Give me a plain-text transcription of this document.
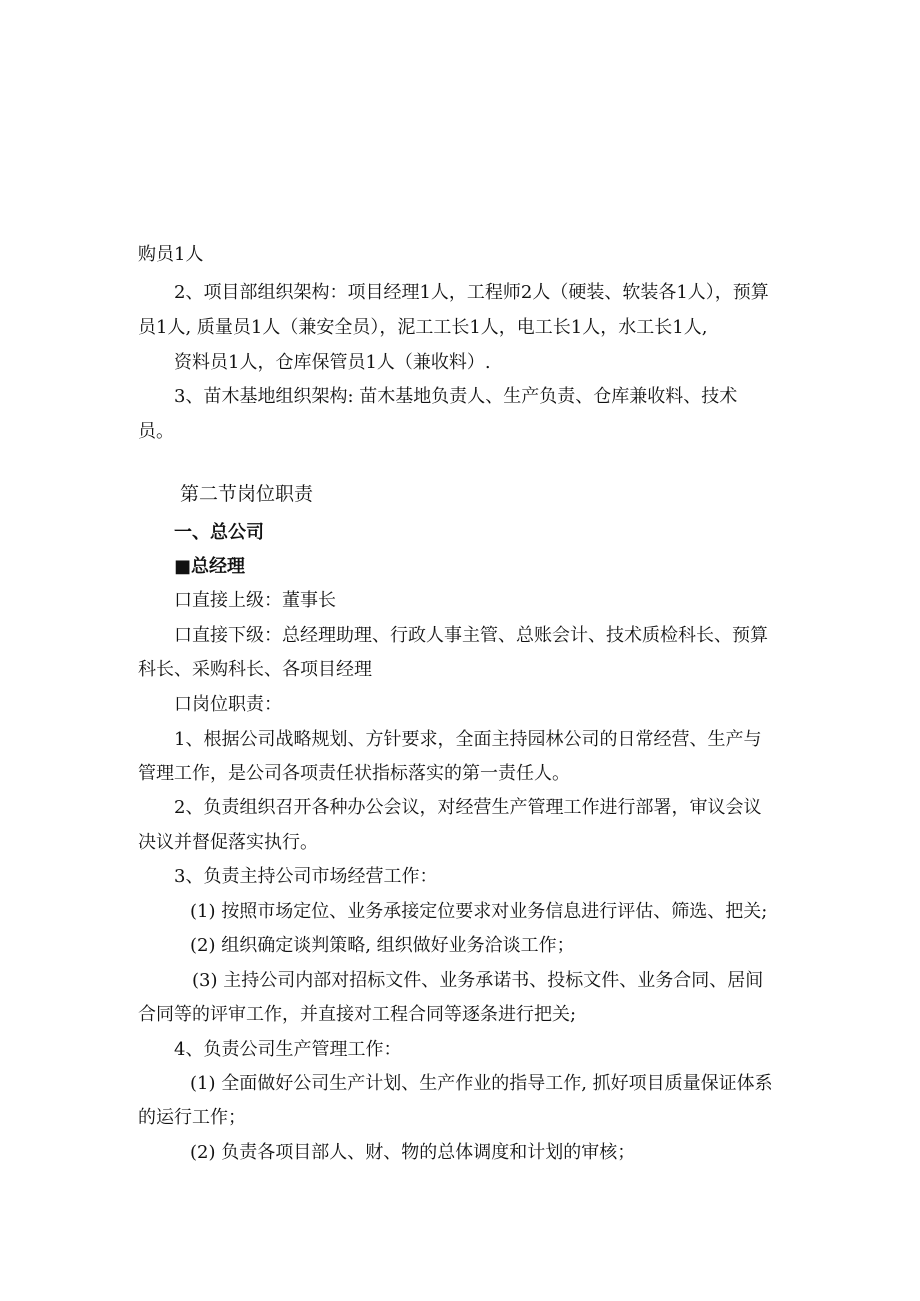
购员1人
2、项目部组织架构：项目经理1人，工程师2人（硬装、软装各1人），预算
员1人, 质量员1人（兼安全员），泥工工长1人，电工长1人，水工长1人,
资料员1人，仓库保管员1人（兼收料）.
3、苗木基地组织架构: 苗木基地负责人、生产负责、仓库兼收料、技术
员。
第二节岗位职责
一、总公司
■总经理
口直接上级：董事长
口直接下级：总经理助理、行政人事主管、总账会计、技术质检科长、预算
科长、采购科长、各项目经理
口岗位职责：
1、根据公司战略规划、方针要求，全面主持园林公司的日常经营、生产与
管理工作，是公司各项责任状指标落实的第一责任人。
2、负责组织召开各种办公会议，对经营生产管理工作进行部署，审议会议
决议并督促落实执行。
3、负责主持公司市场经营工作：
(1) 按照市场定位、业务承接定位要求对业务信息进行评估、筛选、把关;
(2) 组织确定谈判策略, 组织做好业务洽谈工作；
(3) 主持公司内部对招标文件、业务承诺书、投标文件、业务合同、居间
合同等的评审工作，并直接对工程合同等逐条进行把关;
4、负责公司生产管理工作：
(1) 全面做好公司生产计划、生产作业的指导工作, 抓好项目质量保证体系
的运行工作；
(2) 负责各项目部人、财、物的总体调度和计划的审核；
